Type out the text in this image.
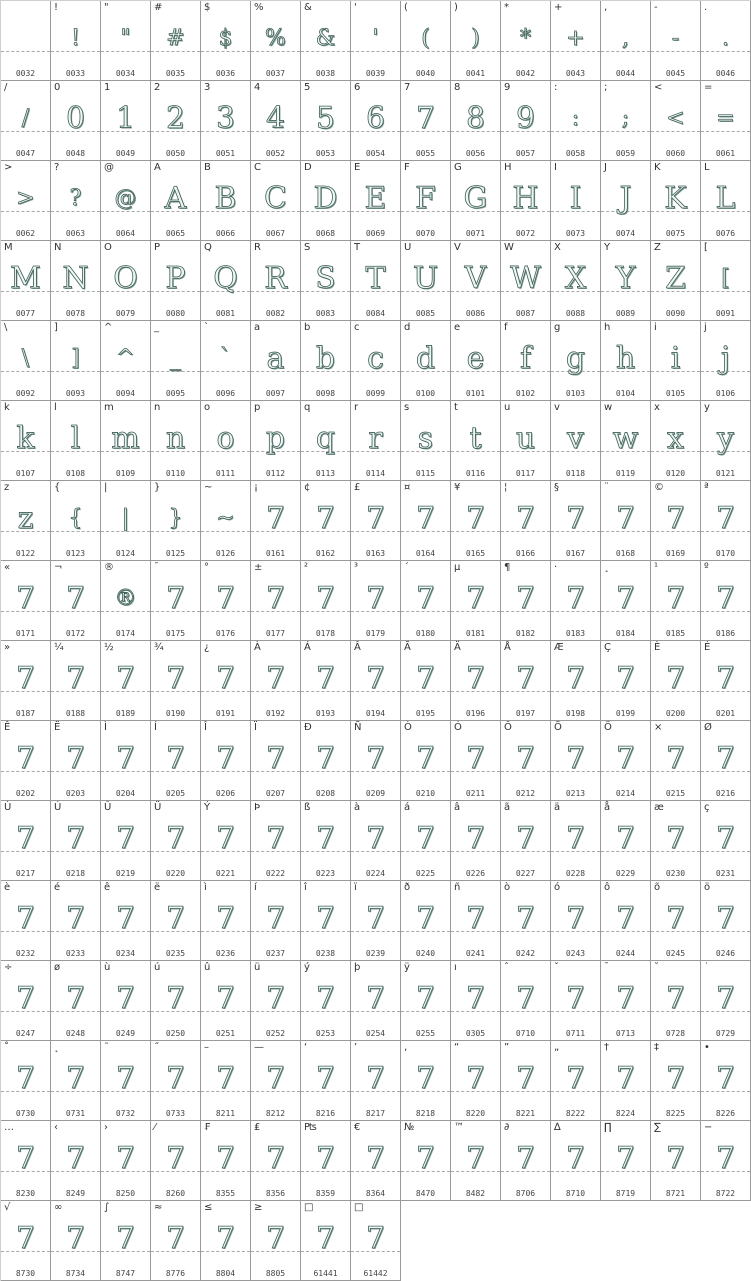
0032
!
!
0033
"
"
0034
#
#
0035
$
$
0036
%
%
0037
&
&
0038
'
'
0039
(
(
0040
)
)
0041
*
*
0042
+
+
0043
,
,
0044
-
-
0045
.
.
0046
/
/
0047
0
0
0048
1
1
0049
2
2
0050
3
3
0051
4
4
0052
5
5
0053
6
6
0054
7
7
0055
8
8
0056
9
9
0057
:
:
0058
;
;
0059
<
<
0060
=
=
0061
>
>
0062
?
?
0063
@
@
0064
A
A
0065
B
B
0066
C
C
0067
D
D
0068
E
E
0069
F
F
0070
G
G
0071
H
H
0072
I
I
0073
J
J
0074
K
K
0075
L
L
0076
M
M
0077
N
N
0078
O
O
0079
P
P
0080
Q
Q
0081
R
R
0082
S
S
0083
T
T
0084
U
U
0085
V
V
0086
W
W
0087
X
X
0088
Y
Y
0089
Z
Z
0090
[
[
0091
\
\
0092
]
]
0093
^
^
0094
_
_
0095
`
`
0096
a
a
0097
b
b
0098
c
c
0099
d
d
0100
e
e
0101
f
f
0102
g
g
0103
h
h
0104
i
i
0105
j
j
0106
k
k
0107
l
l
0108
m
m
0109
n
n
0110
o
o
0111
p
p
0112
q
q
0113
r
r
0114
s
s
0115
t
t
0116
u
u
0117
v
v
0118
w
w
0119
x
x
0120
y
y
0121
z
z
0122
{
{
0123
|
|
0124
}
}
0125
~
~
0126
¡
7
0161
¢
7
0162
£
7
0163
¤
7
0164
¥
7
0165
¦
7
0166
§
7
0167
¨
7
0168
©
7
0169
ª
7
0170
«
7
0171
¬
7
0172
®
®
0174
¯
7
0175
°
7
0176
±
7
0177
²
7
0178
³
7
0179
´
7
0180
µ
7
0181
¶
7
0182
·
7
0183
¸
7
0184
¹
7
0185
º
7
0186
»
7
0187
¼
7
0188
½
7
0189
¾
7
0190
¿
7
0191
À
7
0192
Á
7
0193
Â
7
0194
Ã
7
0195
Ä
7
0196
Å
7
0197
Æ
7
0198
Ç
7
0199
È
7
0200
É
7
0201
Ê
7
0202
Ë
7
0203
Ì
7
0204
Í
7
0205
Î
7
0206
Ï
7
0207
Ð
7
0208
Ñ
7
0209
Ò
7
0210
Ó
7
0211
Ô
7
0212
Õ
7
0213
Ö
7
0214
×
7
0215
Ø
7
0216
Ù
7
0217
Ú
7
0218
Û
7
0219
Ü
7
0220
Ý
7
0221
Þ
7
0222
ß
7
0223
à
7
0224
á
7
0225
â
7
0226
ã
7
0227
ä
7
0228
å
7
0229
æ
7
0230
ç
7
0231
è
7
0232
é
7
0233
ê
7
0234
ë
7
0235
ì
7
0236
í
7
0237
î
7
0238
ï
7
0239
ð
7
0240
ñ
7
0241
ò
7
0242
ó
7
0243
ô
7
0244
õ
7
0245
ö
7
0246
÷
7
0247
ø
7
0248
ù
7
0249
ú
7
0250
û
7
0251
ü
7
0252
ý
7
0253
þ
7
0254
ÿ
7
0255
ı
7
0305
ˆ
7
0710
ˇ
7
0711
ˉ
7
0713
˘
7
0728
˙
7
0729
˚
7
0730
˛
7
0731
˜
7
0732
˝
7
0733
–
7
8211
—
7
8212
‘
7
8216
’
7
8217
‚
7
8218
“
7
8220
”
7
8221
„
7
8222
†
7
8224
‡
7
8225
•
7
8226
…
7
8230
‹
7
8249
›
7
8250
⁄
7
8260
₣
7
8355
₤
7
8356
₧
7
8359
€
7
8364
№
7
8470
™
7
8482
∂
7
8706
∆
7
8710
∏
7
8719
∑
7
8721
−
7
8722
√
7
8730
∞
7
8734
∫
7
8747
≈
7
8776
≤
7
8804
≥
7
8805
□
7
61441
□
7
61442
